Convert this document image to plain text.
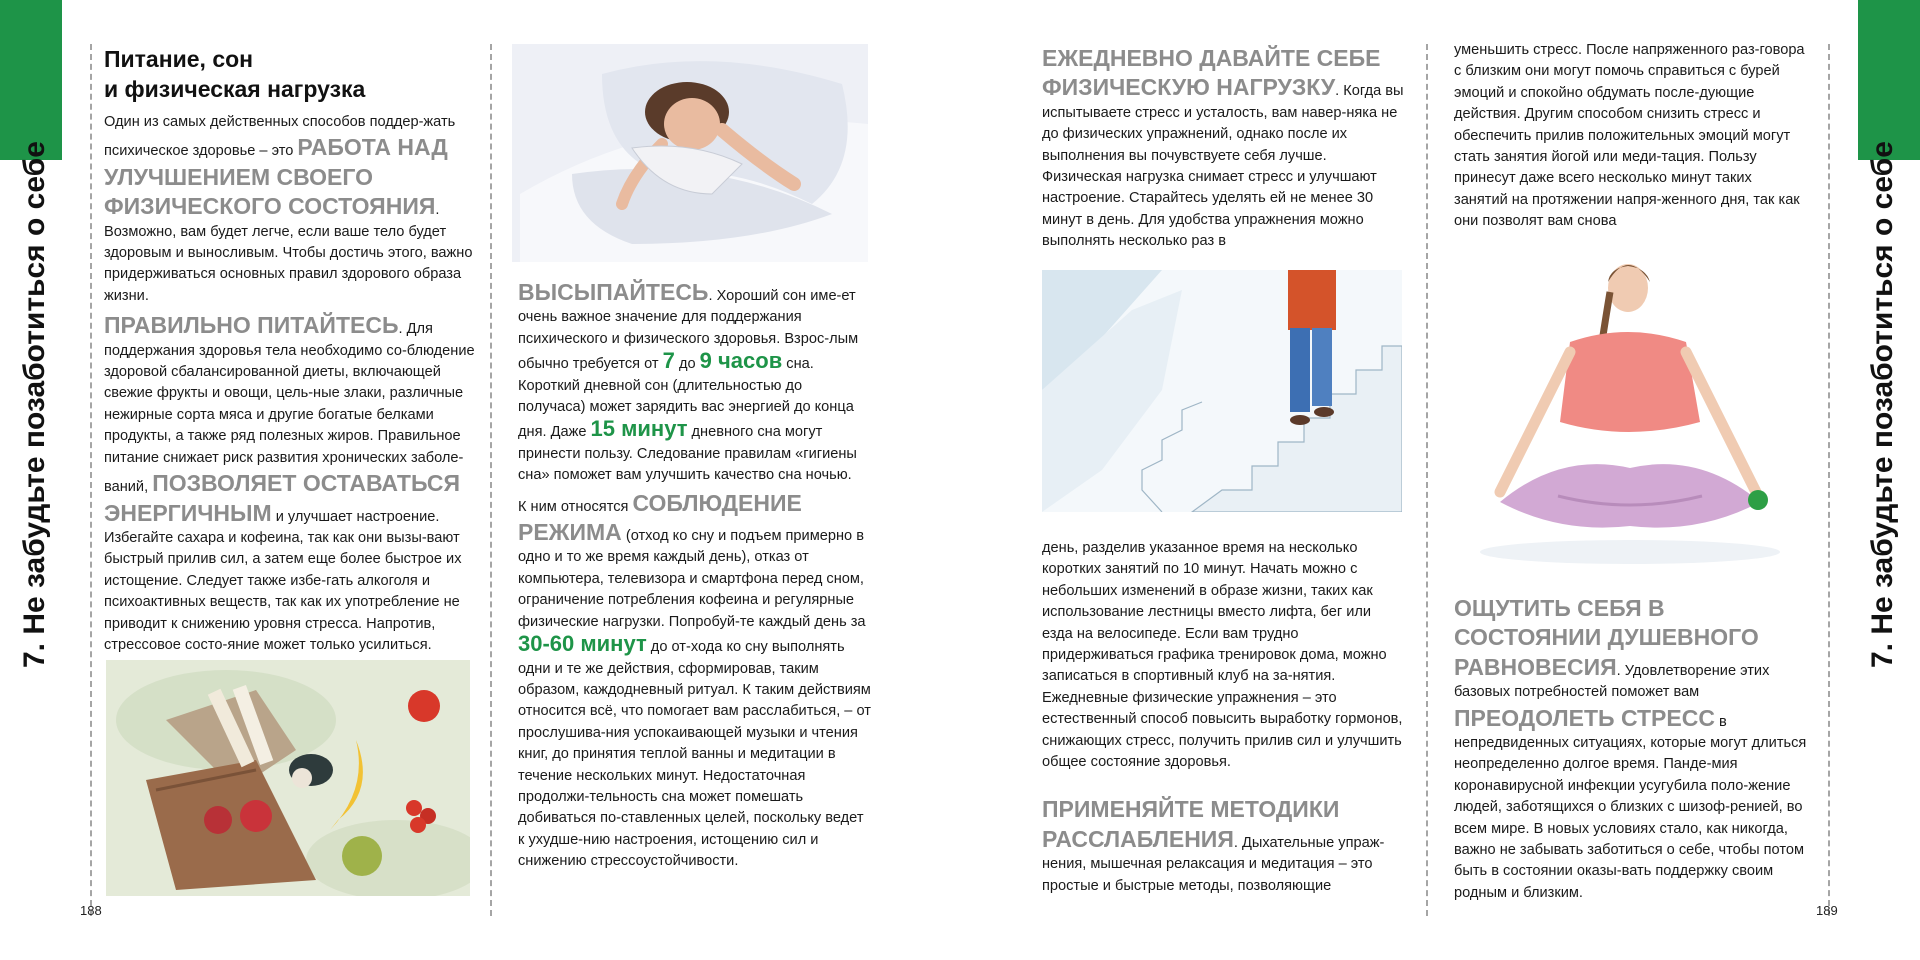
7. Не забудьте позаботиться о себе
Питание, сон
и физическая нагрузка

Один из самых действенных способов поддер-жать психическое здоровье – это РАБОТА НАД УЛУЧШЕНИЕМ СВОЕГО ФИЗИЧЕСКОГО СОСТОЯНИЯ. Возможно, вам будет легче, если ваше тело будет здоровым и выносливым. Чтобы достичь этого, важно придерживаться основных правил здорового образа жизни.

ПРАВИЛЬНО ПИТАЙТЕСЬ. Для поддержания здоровья тела необходимо со-блюдение здоровой сбалансированной диеты, включающей свежие фрукты и овощи, цель-ные злаки, различные нежирные сорта мяса и другие богатые белками продукты, а также ряд полезных жиров. Правильное питание снижает риск развития хронических заболе-ваний, ПОЗВОЛЯЕТ ОСТАВАТЬСЯ ЭНЕРГИЧНЫМ и улучшает настроение. Избегайте сахара и кофеина, так как они вызы-вают быстрый прилив сил, а затем еще более быстрое их истощение. Следует также избе-гать алкоголя и психоактивных веществ, так как их употребление не приводит к снижению уровня стресса. Напротив, стрессовое состо-яние может только усилиться.

ВЫСЫПАЙТЕСЬ. Хороший сон име-ет очень важное значение для поддержания психического и физического здоровья. Взрос-лым обычно требуется от 7 до 9 часов сна. Короткий дневной сон (длительностью до получаса) может зарядить вас энергией до конца дня. Даже 15 минут дневного сна могут принести пользу. Следование правилам «гигиены сна» поможет вам улучшить качество сна ночью.

К ним относятся СОБЛЮДЕНИЕ РЕЖИМА (отход ко сну и подъем примерно в одно и то же время каждый день), отказ от компьютера, телевизора и смартфона перед сном, ограничение потребления кофеина и регулярные физические нагрузки. Попробуй-те каждый день за 30-60 минут до от-хода ко сну выполнять одни и те же действия, сформировав, таким образом, каждодневный ритуал. К таким действиям относится всё, что помогает вам расслабиться, – от прослушива-ния успокаивающей музыки и чтения книг, до принятия теплой ванны и медитации в течение нескольких минут. Недостаточная продолжи-тельность сна может помешать добиваться по-ставленных целей, поскольку ведет к ухудше-нию настроения, истощению сил и снижению стрессоустойчивости.

188

ЕЖЕДНЕВНО ДАВАЙТЕ СЕБЕ ФИЗИЧЕСКУЮ НАГРУЗКУ. Когда вы испытываете стресс и усталость, вам навер-няка не до физических упражнений, однако после их выполнения вы почувствуете себя лучше. Физическая нагрузка снимает стресс и улучшают настроение. Старайтесь уделять ей не менее 30 минут в день. Для удобства упражнения можно выполнять несколько раз в

день, разделив указанное время на несколько коротких занятий по 10 минут. Начать можно с небольших изменений в образе жизни, таких как использование лестницы вместо лифта, бег или езда на велосипеде. Если вам трудно придерживаться графика тренировок дома, можно записаться в спортивный клуб на за-нятия. Ежедневные физические упражнения – это естественный способ повысить выработку гормонов, снижающих стресс, получить прилив сил и улучшить общее состояние здоровья.

ПРИМЕНЯЙТЕ МЕТОДИКИ РАССЛАБЛЕНИЯ. Дыхательные упраж-нения, мышечная релаксация и медитация – это простые и быстрые методы, позволяющие

уменьшить стресс. После напряженного раз-говора с близким они могут помочь справиться с бурей эмоций и спокойно обдумать после-дующие действия. Другим способом снизить стресс и обеспечить прилив положительных эмоций могут стать занятия йогой или меди-тация. Пользу принесут даже всего несколько минут таких занятий на протяжении напря-женного дня, так как они позволят вам снова

ОЩУТИТЬ СЕБЯ В СОСТОЯНИИ ДУШЕВНОГО РАВНОВЕСИЯ. Удовлетворение этих базовых потребностей поможет вам ПРЕОДОЛЕТЬ СТРЕСС в непредвиденных ситуациях, которые могут длиться неопределенно долгое время. Панде-мия коронавирусной инфекции усугубила поло-жение людей, заботящихся о близких с шизоф-ренией, во всем мире. В новых условиях стало, как никогда, важно не забывать заботиться о себе, чтобы потом быть в состоянии оказы-вать поддержку своим родным и близким.

189
7. Не забудьте позаботиться о себе
